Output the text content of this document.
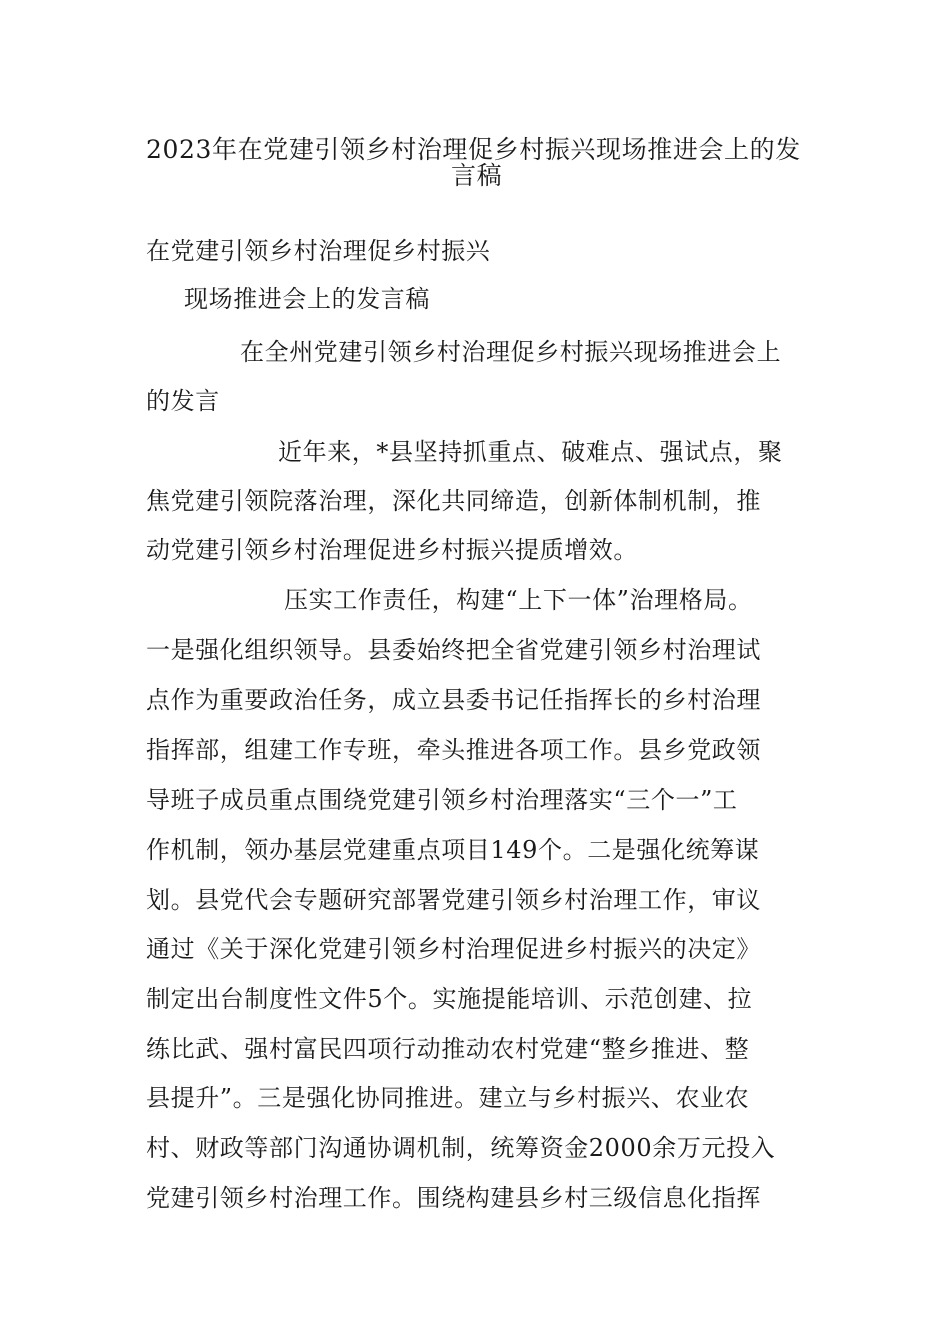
2023年在党建引领乡村治理促乡村振兴现场推进会上的发
言稿
在党建引领乡村治理促乡村振兴
现场推进会上的发言稿
在全州党建引领乡村治理促乡村振兴现场推进会上
的发言
近年来，*县坚持抓重点、破难点、强试点，聚
焦党建引领院落治理，深化共同缔造，创新体制机制，推
动党建引领乡村治理促进乡村振兴提质增效。
压实工作责任，构建“上下一体”治理格局。
一是强化组织领导。县委始终把全省党建引领乡村治理试
点作为重要政治任务，成立县委书记任指挥长的乡村治理
指挥部，组建工作专班，牵头推进各项工作。县乡党政领
导班子成员重点围绕党建引领乡村治理落实“三个一”工
作机制，领办基层党建重点项目149个。二是强化统筹谋
划。县党代会专题研究部署党建引领乡村治理工作，审议
通过《关于深化党建引领乡村治理促进乡村振兴的决定》
制定出台制度性文件5个。实施提能培训、示范创建、拉
练比武、强村富民四项行动推动农村党建“整乡推进、整
县提升”。三是强化协同推进。建立与乡村振兴、农业农
村、财政等部门沟通协调机制，统筹资金2000余万元投入
党建引领乡村治理工作。围绕构建县乡村三级信息化指挥
